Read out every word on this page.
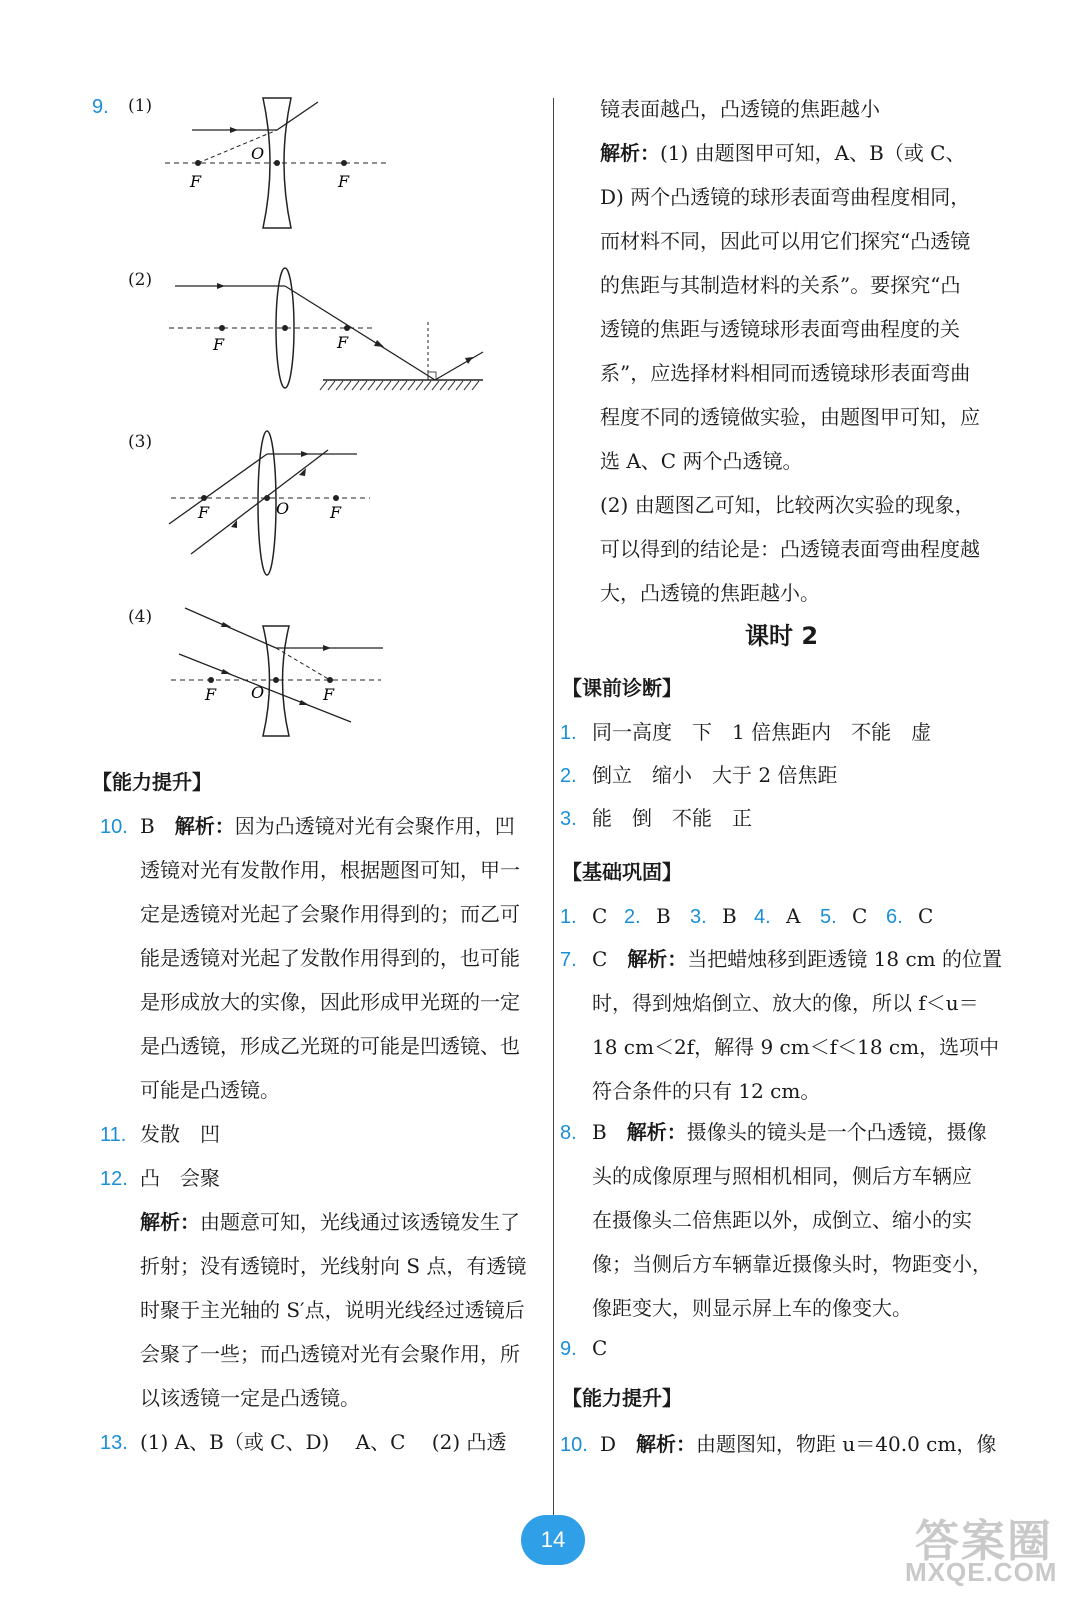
9. (1)
F
O
F
(2)
F	F
(3)
F	O	F
(4)
F O	F
【能力提升】
10. B　解析：因为凸透镜对光有会聚作用，凹
透镜对光有发散作用，根据题图可知，甲一
定是透镜对光起了会聚作用得到的；而乙可
能是透镜对光起了发散作用得到的，也可能
是形成放大的实像，因此形成甲光斑的一定
是凸透镜，形成乙光斑的可能是凹透镜、也
可能是凸透镜。
11. 发散　凹
12. 凸　会聚
解析：由题意可知，光线通过该透镜发生了
折射；没有透镜时，光线射向 S 点，有透镜
时聚于主光轴的 S′点，说明光线经过透镜后
会聚了一些；而凸透镜对光有会聚作用，所
以该透镜一定是凸透镜。
13. (1) A、B（或 C、D)　 A、C　 (2) 凸透
镜表面越凸，凸透镜的焦距越小
解析：(1) 由题图甲可知，A、B（或 C、
D) 两个凸透镜的球形表面弯曲程度相同，
而材料不同，因此可以用它们探究“凸透镜
的焦距与其制造材料的关系”。要探究“凸
透镜的焦距与透镜球形表面弯曲程度的关
系”，应选择材料相同而透镜球形表面弯曲
程度不同的透镜做实验，由题图甲可知，应
选 A、C 两个凸透镜。
(2) 由题图乙可知，比较两次实验的现象，
可以得到的结论是：凸透镜表面弯曲程度越
大，凸透镜的焦距越小。
课时 2
【课前诊断】
1. 同一高度　下　1 倍焦距内　不能　虚
2. 倒立　缩小　大于 2 倍焦距
3. 能　倒　不能　正
【基础巩固】
1. C 2. B 3. B 4. A 5. C 6. C
7. C　解析：当把蜡烛移到距透镜 18 cm 的位置
时，得到烛焰倒立、放大的像，所以 f＜u＝
18 cm＜2f，解得 9 cm＜f＜18 cm，选项中
符合条件的只有 12 cm。
8. B　解析：摄像头的镜头是一个凸透镜，摄像
头的成像原理与照相机相同，侧后方车辆应
在摄像头二倍焦距以外，成倒立、缩小的实
像；当侧后方车辆靠近摄像头时，物距变小，
像距变大，则显示屏上车的像变大。
9. C
【能力提升】
10. D　解析：由题图知，物距 u＝40.0 cm，像
14	答案圈
MXQE.COM
